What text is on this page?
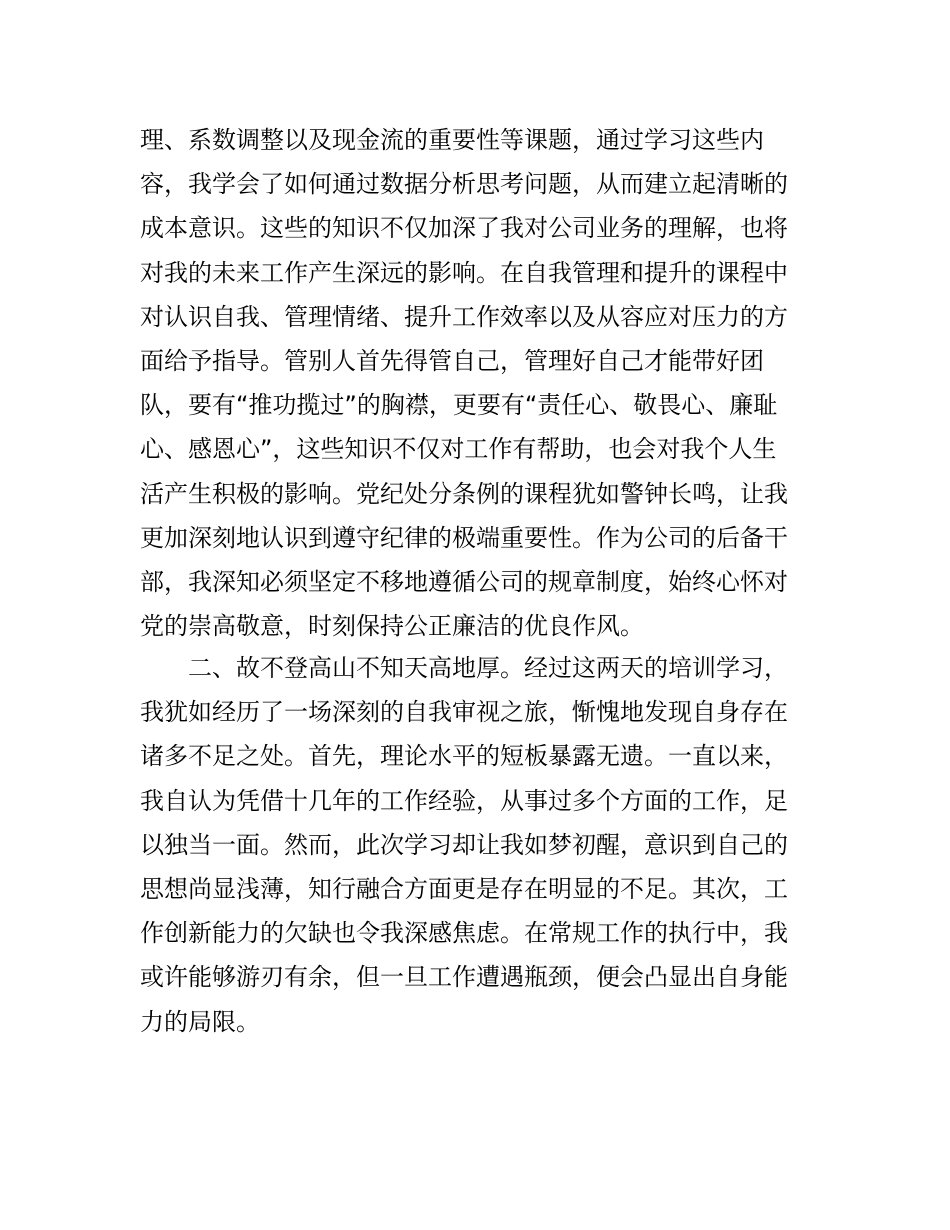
理、系数调整以及现金流的重要性等课题，通过学习这些内
容，我学会了如何通过数据分析思考问题，从而建立起清晰的
成本意识。这些的知识不仅加深了我对公司业务的理解，也将
对我的未来工作产生深远的影响。在自我管理和提升的课程中
对认识自我、管理情绪、提升工作效率以及从容应对压力的方
面给予指导。管别人首先得管自己，管理好自己才能带好团
队，要有“推功揽过”的胸襟，更要有“责任心、敬畏心、廉耻
心、感恩心”，这些知识不仅对工作有帮助，也会对我个人生
活产生积极的影响。党纪处分条例的课程犹如警钟长鸣，让我
更加深刻地认识到遵守纪律的极端重要性。作为公司的后备干
部，我深知必须坚定不移地遵循公司的规章制度，始终心怀对
党的崇高敬意，时刻保持公正廉洁的优良作风。

　　二、故不登高山不知天高地厚。经过这两天的培训学习，
我犹如经历了一场深刻的自我审视之旅，惭愧地发现自身存在
诸多不足之处。首先，理论水平的短板暴露无遗。一直以来，
我自认为凭借十几年的工作经验，从事过多个方面的工作，足
以独当一面。然而，此次学习却让我如梦初醒，意识到自己的
思想尚显浅薄，知行融合方面更是存在明显的不足。其次，工
作创新能力的欠缺也令我深感焦虑。在常规工作的执行中，我
或许能够游刃有余，但一旦工作遭遇瓶颈，便会凸显出自身能
力的局限。
